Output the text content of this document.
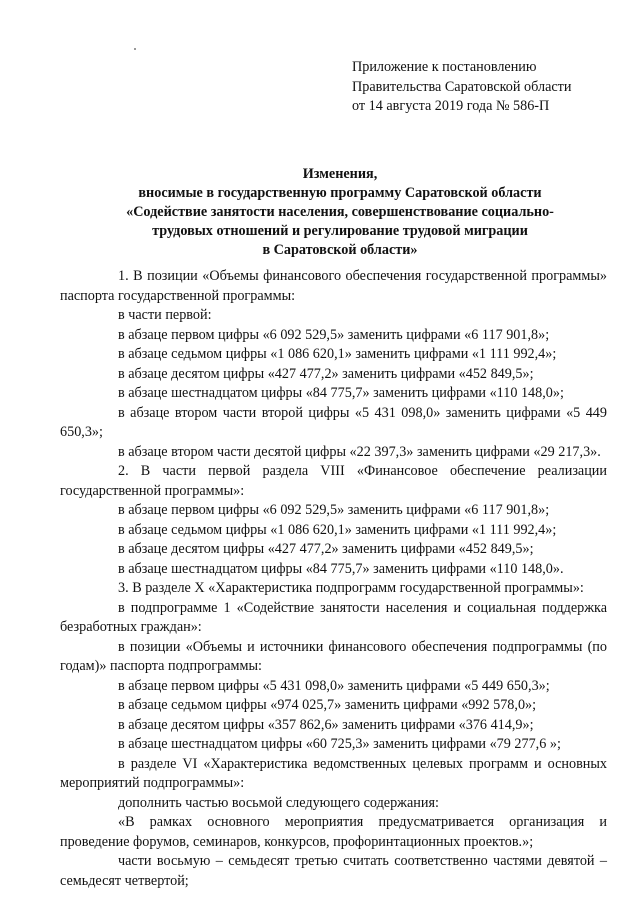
Приложение к постановлению
Правительства Саратовской области
от 14 августа 2019 года № 586-П
Изменения,
вносимые в государственную программу Саратовской области
«Содействие занятости населения, совершенствование социально-
трудовых отношений и регулирование трудовой миграции
в Саратовской области»
1. В позиции «Объемы финансового обеспечения государственной программы» паспорта государственной программы:
в части первой:
в абзаце первом цифры «6 092 529,5» заменить цифрами «6 117 901,8»;
в абзаце седьмом цифры «1 086 620,1» заменить цифрами «1 111 992,4»;
в абзаце десятом цифры «427 477,2» заменить цифрами «452 849,5»;
в абзаце шестнадцатом цифры «84 775,7» заменить цифрами «110 148,0»;
в абзаце втором части второй цифры «5 431 098,0» заменить цифрами «5 449 650,3»;
в абзаце втором части десятой цифры «22 397,3» заменить цифрами «29 217,3».
2. В части первой раздела VIII «Финансовое обеспечение реализации государственной программы»:
в абзаце первом цифры «6 092 529,5» заменить цифрами «6 117 901,8»;
в абзаце седьмом цифры «1 086 620,1» заменить цифрами «1 111 992,4»;
в абзаце десятом цифры «427 477,2» заменить цифрами «452 849,5»;
в абзаце шестнадцатом цифры «84 775,7» заменить цифрами «110 148,0».
3. В разделе X «Характеристика подпрограмм государственной программы»:
в подпрограмме 1 «Содействие занятости населения и социальная поддержка безработных граждан»:
в позиции «Объемы и источники финансового обеспечения подпрограммы (по годам)» паспорта подпрограммы:
в абзаце первом цифры «5 431 098,0» заменить цифрами «5 449 650,3»;
в абзаце седьмом цифры «974 025,7» заменить цифрами «992 578,0»;
в абзаце десятом цифры «357 862,6» заменить цифрами «376 414,9»;
в абзаце шестнадцатом цифры «60 725,3» заменить цифрами «79 277,6 »;
в разделе VI «Характеристика ведомственных целевых программ и основных мероприятий подпрограммы»:
дополнить частью восьмой следующего содержания:
«В рамках основного мероприятия предусматривается организация и проведение форумов, семинаров, конкурсов, профоринтационных проектов.»;
части восьмую – семьдесят третью считать соответственно частями девятой – семьдесят четвертой;
